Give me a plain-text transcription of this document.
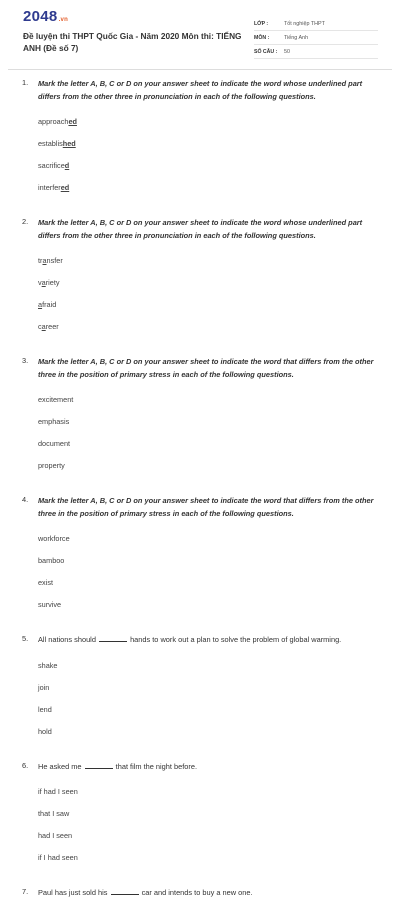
2048.vn
Đề luyện thi THPT Quốc Gia - Năm 2020 Môn thi: TIẾNG ANH (Đề số 7)
LỚP :	Tốt nghiệp THPT
MÔN :	Tiếng Anh
SỐ CÂU :	50
1. Mark the letter A, B, C or D on your answer sheet to indicate the word whose underlined part differs from the other three in pronunciation in each of the following questions.
approached
established
sacrificed
interfered
2. Mark the letter A, B, C or D on your answer sheet to indicate the word whose underlined part differs from the other three in pronunciation in each of the following questions.
transfer
variety
afraid
career
3. Mark the letter A, B, C or D on your answer sheet to indicate the word that differs from the other three in the position of primary stress in each of the following questions.
excitement
emphasis
document
property
4. Mark the letter A, B, C or D on your answer sheet to indicate the word that differs from the other three in the position of primary stress in each of the following questions.
workforce
bamboo
exist
survive
5. All nations should	hands to work out a plan to solve the problem of global warming.
shake
join
lend
hold
6. He asked me	that film the night before.
if had I seen
that I saw
had I seen
if I had seen
7. Paul has just sold his	car and intends to buy a new one.
